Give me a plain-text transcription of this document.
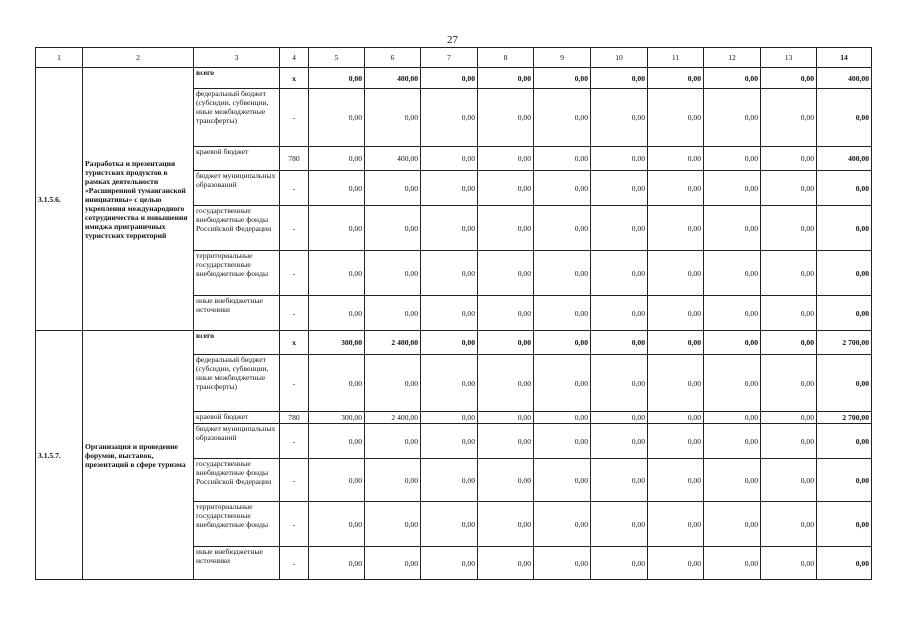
27
1	2	3	4	5	6	7	8	9	10	11	12	13	14
3.1.5.6.	Разработка и презентация туристских продуктов в рамках деятельности «Расширенной туманганской инициативы» с целью укрепления международного сотрудничества и повышения имиджа приграничных туристских территорий	всего	x	0,00	400,00	0,00	0,00	0,00	0,00	0,00	0,00	0,00	400,00
		федеральный бюджет (субсидии, субвенции, иные межбюджетные трансферты)	-	0,00	0,00	0,00	0,00	0,00	0,00	0,00	0,00	0,00	0,00
		краевой бюджет	780	0,00	400,00	0,00	0,00	0,00	0,00	0,00	0,00	0,00	400,00
		бюджет муниципальных образований	-	0,00	0,00	0,00	0,00	0,00	0,00	0,00	0,00	0,00	0,00
		государственные внебюджетные фонды Российской Федерации	-	0,00	0,00	0,00	0,00	0,00	0,00	0,00	0,00	0,00	0,00
		территориальные государственные внебюджетные фонды	-	0,00	0,00	0,00	0,00	0,00	0,00	0,00	0,00	0,00	0,00
		иные внебюджетные источники	-	0,00	0,00	0,00	0,00	0,00	0,00	0,00	0,00	0,00	0,00
3.1.5.7.	Организация и проведение форумов, выставок, презентаций в сфере туризма	всего	x	300,00	2 400,00	0,00	0,00	0,00	0,00	0,00	0,00	0,00	2 700,00
		федеральный бюджет (субсидии, субвенции, иные межбюджетные трансферты)	-	0,00	0,00	0,00	0,00	0,00	0,00	0,00	0,00	0,00	0,00
		краевой бюджет	780	300,00	2 400,00	0,00	0,00	0,00	0,00	0,00	0,00	0,00	2 700,00
		бюджет муниципальных образований	-	0,00	0,00	0,00	0,00	0,00	0,00	0,00	0,00	0,00	0,00
		государственные внебюджетные фонды Российской Федерации	-	0,00	0,00	0,00	0,00	0,00	0,00	0,00	0,00	0,00	0,00
		территориальные государственные внебюджетные фонды	-	0,00	0,00	0,00	0,00	0,00	0,00	0,00	0,00	0,00	0,00
		иные внебюджетные источники	-	0,00	0,00	0,00	0,00	0,00	0,00	0,00	0,00	0,00	0,00
